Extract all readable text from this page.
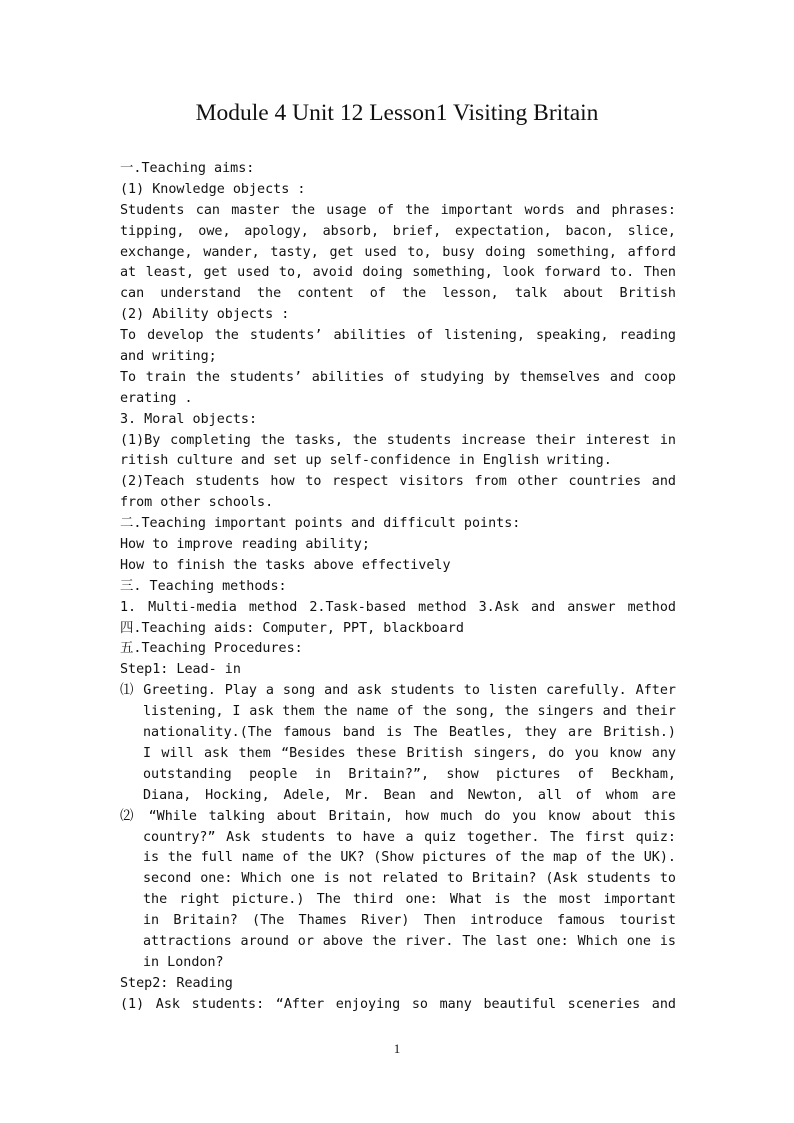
Module 4 Unit 12 Lesson1 Visiting Britain
一.Teaching aims:
(1) Knowledge objects :
Students can master the usage of the important words and phrases:
tipping, owe, apology, absorb, brief, expectation, bacon, slice,
exchange, wander, tasty, get used to, busy doing something, afford
at least, get used to, avoid doing something, look forward to. Then
can understand the content of the lesson, talk about British
(2) Ability objects :
To develop the students’ abilities of listening, speaking, reading
and writing;
To train the students’ abilities of studying by themselves and coop
erating .
3. Moral objects:
(1)By completing the tasks, the students increase their interest in
ritish culture and set up self-confidence in English writing.
(2)Teach students how to respect visitors from other countries and
from other schools.
二.Teaching important points and difficult points:
How to improve reading ability;
How to finish the tasks above effectively
三. Teaching methods:
1. Multi-media method 2.Task-based method 3.Ask and answer method
四.Teaching aids: Computer, PPT, blackboard
五.Teaching Procedures:
Step1: Lead- in
⑴ Greeting. Play a song and ask students to listen carefully. After
listening, I ask them the name of the song, the singers and their
nationality.(The famous band is The Beatles, they are British.)
I will ask them “Besides these British singers, do you know any
outstanding people in Britain?”, show pictures of Beckham,
Diana, Hocking, Adele, Mr. Bean and Newton, all of whom are
⑵ “While talking about Britain, how much do you know about this
country?” Ask students to have a quiz together. The first quiz:
is the full name of the UK? (Show pictures of the map of the UK).
second one: Which one is not related to Britain? (Ask students to
the right picture.) The third one: What is the most important
in Britain? (The Thames River) Then introduce famous tourist
attractions around or above the river. The last one: Which one is
in London?
Step2: Reading
(1) Ask students: “After enjoying so many beautiful sceneries and
1
